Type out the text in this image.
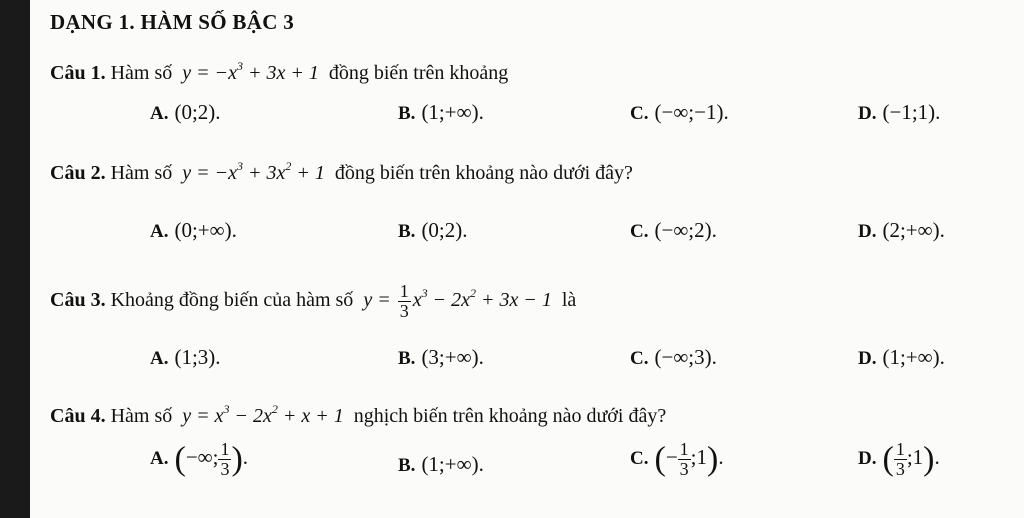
DẠNG 1. HÀM SỐ BẬC 3
Câu 1. Hàm số  $y = -x^3 + 3x + 1$  đồng biến trên khoảng
A. (0;2).	B. (1;+∞).	C. (−∞;−1).	D. (−1;1).
Câu 2. Hàm số  $y = -x^3 + 3x^2 + 1$  đồng biến trên khoảng nào dưới đây?
A. (0;+∞).	B. (0;2).	C. (−∞;2).	D. (2;+∞).
Câu 3. Khoảng đồng biến của hàm số  $y = \frac{1}{3} x^3 - 2x^2 + 3x - 1$  là
A. (1;3).	B. (3;+∞).	C. (−∞;3).	D. (1;+∞).
Câu 4. Hàm số  $y = x^3 - 2x^2 + x + 1$  nghịch biến trên khoảng nào dưới đây?
A. (−∞; $\frac{1}{3}$ ).	B. (1;+∞).	C. (− $\frac{1}{3}$ ;1).	D. ( $\frac{1}{3}$ ;1).
